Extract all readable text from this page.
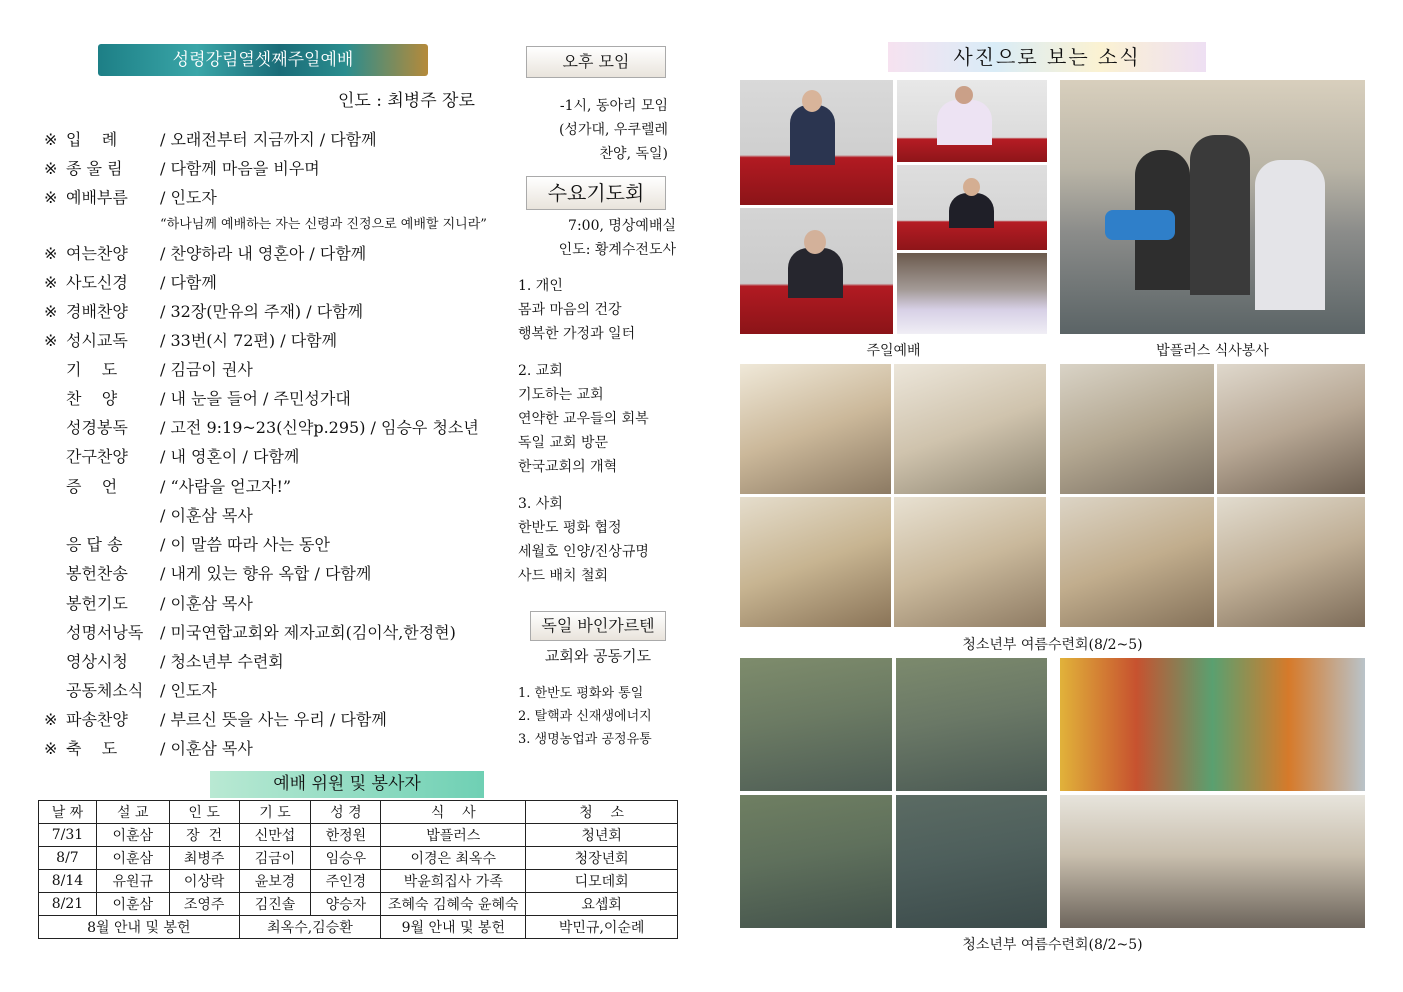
성령강림열셋째주일예배
인도 : 최병주 장로
※ 입    례	/ 오래전부터 지금까지 / 다함께
※ 종 울 림	/ 다함께 마음을 비우며
※ 예배부름	/ 인도자
※ 여는찬양	/ 찬양하라 내 영혼아 / 다함께
※ 사도신경	/ 다함께
※ 경배찬양	/ 32장(만유의 주재) / 다함께
※ 성시교독	/ 33번(시 72편) / 다함께
기    도	/ 김금이 권사
찬    양	/ 내 눈을 들어 / 주민성가대
성경봉독	/ 고전 9:19~23(신약p.295) / 임승우 청소년
간구찬양	/ 내 영혼이 / 다함께
증    언	/ “사람을 얻고자!”
/ 이훈삼 목사
응 답 송	/ 이 말씀 따라 사는 동안
봉헌찬송	/ 내게 있는 향유 옥합 / 다함께
봉헌기도	/ 이훈삼 목사
성명서낭독	/ 미국연합교회와 제자교회(김이삭,한정현)
영상시청	/ 청소년부 수련회
공동체소식	/ 인도자
※ 파송찬양	/ 부르신 뜻을 사는 우리 / 다함께
※ 축    도	/ 이훈삼 목사
“하나님께 예배하는 자는 신령과 진정으로 예배할 지니라”
예배 위원 및 봉사자
날 짜	설 교	인 도	기 도	성 경	식    사	청    소
7/31	이훈삼	장  건	신만섭	한정원	밥플러스	청년회
8/7	이훈삼	최병주	김금이	임승우	이경은 최옥수	청장년회
8/14	유원규	이상락	윤보경	주인경	박윤희집사 가족	디모데회
8/21	이훈삼	조영주	김진솔	양승자	조혜숙 김혜숙 윤혜숙	요셉회
8월 안내 및 봉헌			최옥수,김승환		9월 안내 및 봉헌	박민규,이순례
오후 모임
-1시, 동아리 모임
(성가대, 우쿠렐레
찬양, 독일)
수요기도회
7:00, 명상예배실
인도: 황계수전도사
1. 개인
몸과 마음의 건강
행복한 가정과 일터
2. 교회
기도하는 교회
연약한 교우들의 회복
독일 교회 방문
한국교회의 개혁
3. 사회
한반도 평화 협정
세월호 인양/진상규명
사드 배치 철회
독일 바인가르텐
교회와 공동기도
1. 한반도 평화와 통일
2. 탈핵과 신재생에너지
3. 생명농업과 공정유통
사진으로 보는 소식
주일예배	밥플러스 식사봉사
청소년부 여름수련회(8/2~5)
청소년부 여름수련회(8/2~5)
